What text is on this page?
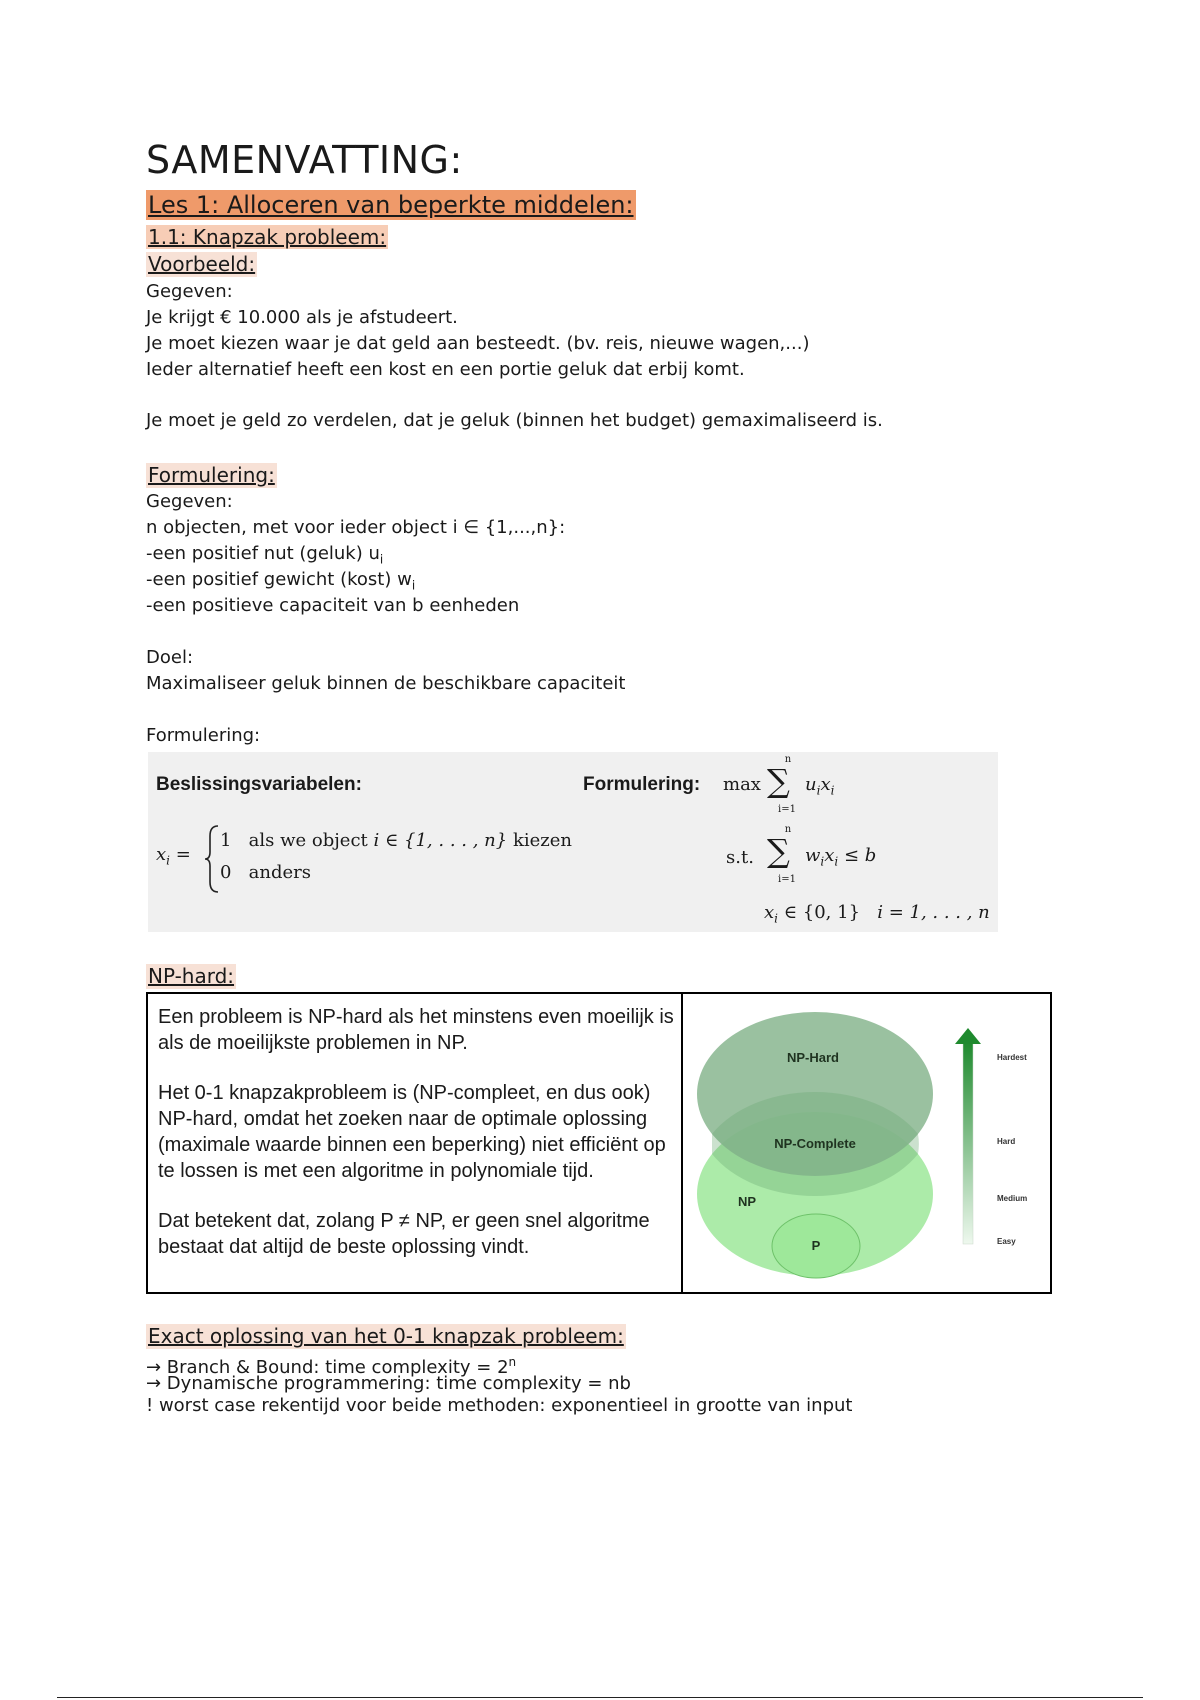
SAMENVATTING:
Les 1: Alloceren van beperkte middelen:
1.1: Knapzak probleem:
Voorbeeld:
Gegeven:
Je krijgt € 10.000 als je afstudeert.
Je moet kiezen waar je dat geld aan besteedt. (bv. reis, nieuwe wagen,...)
Ieder alternatief heeft een kost en een portie geluk dat erbij komt.
Je moet je geld zo verdelen, dat je geluk (binnen het budget) gemaximaliseerd is.
Formulering:
Gegeven:
n objecten, met voor ieder object i ∈ {1,...,n}:
-een positief nut (geluk) $u_i$
-een positief gewicht (kost) $w_i$
-een positieve capaciteit van b eenheden
Doel:
Maximaliseer geluk binnen de beschikbare capaciteit
Formulering:
Beslissingsvariabelen:	Formulering:
$x_i$ =
1 als we object i ∈ {1, . . . , n} kiezen
0 anders
max
n
∑
i=1
$u_ix_i$
s.t.
n
∑
i=1
$w_ix_i \le b$
$x_i$ ∈ {0, 1} i = 1, . . . , n
NP-hard:

Een probleem is NP-hard als het minstens even moeilijk is als de moeilijkste problemen in NP.

Het 0-1 knapzakprobleem is (NP-compleet, en dus ook) NP-hard, omdat het zoeken naar de optimale oplossing (maximale waarde binnen een beperking) niet efficiënt op te lossen is met een algoritme in polynomiale tijd.

Dat betekent dat, zolang P ≠ NP, er geen snel algoritme bestaat dat altijd de beste oplossing vindt.

NP-Hard
NP-Complete
NP
P
Hardest
Hard
Medium
Easy
Exact oplossing van het 0-1 knapzak probleem:
→ Branch & Bound: time complexity = $2^n$
→ Dynamische programmering: time complexity = nb
! worst case rekentijd voor beide methoden: exponentieel in grootte van input
